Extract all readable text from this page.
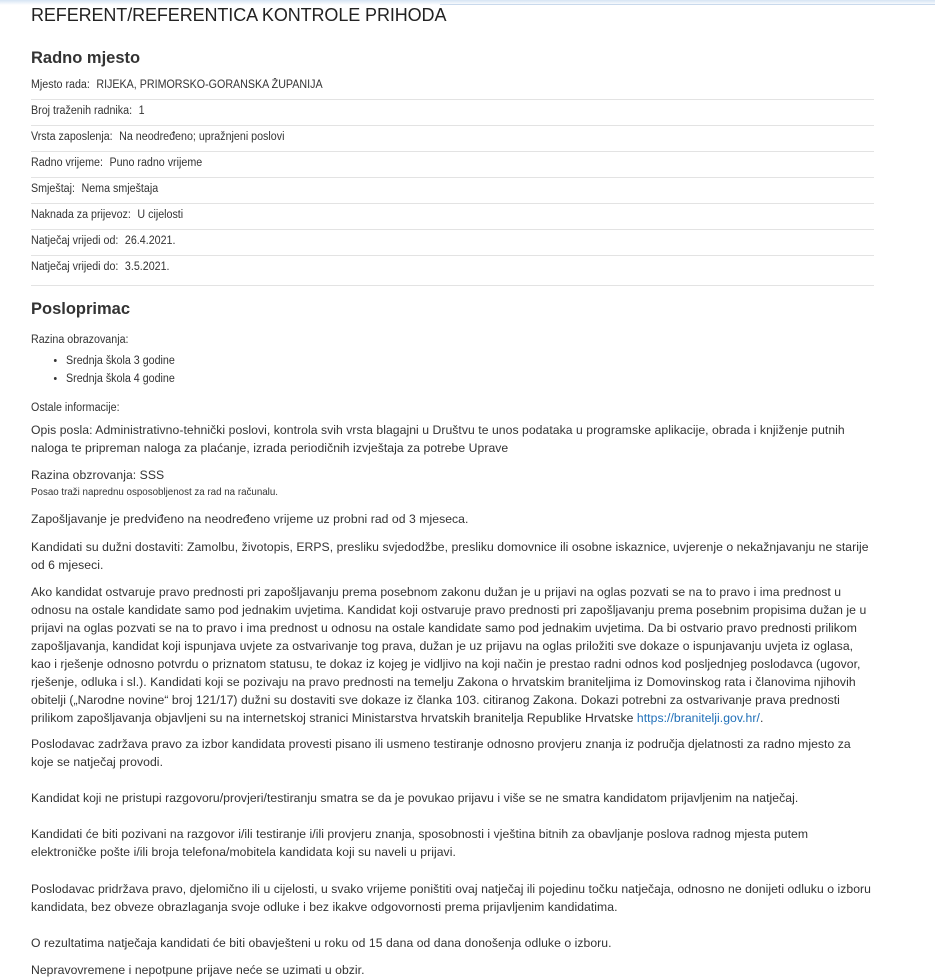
REFERENT/REFERENTICA KONTROLE PRIHODA
Radno mjesto
Mjesto rada: RIJEKA, PRIMORSKO-GORANSKA ŽUPANIJA
Broj traženih radnika: 1
Vrsta zaposlenja: Na neodređeno; upražnjeni poslovi
Radno vrijeme: Puno radno vrijeme
Smještaj: Nema smještaja
Naknada za prijevoz: U cijelosti
Natječaj vrijedi od: 26.4.2021.
Natječaj vrijedi do: 3.5.2021.
Posloprimac
Razina obrazovanja:
• Srednja škola 3 godine
• Srednja škola 4 godine
Ostale informacije:

Opis posla: Administrativno-tehnički poslovi, kontrola svih vrsta blagajni u Društvu te unos podataka u programske aplikacije, obrada i knjiženje putnih naloga te pripreman naloga za plaćanje, izrada periodičnih izvještaja za potrebe Uprave

Razina obzrovanja: SSS

Posao traži naprednu osposobljenost za rad na računalu.

Zapošljavanje je predviđeno na neodređeno vrijeme uz probni rad od 3 mjeseca.

Kandidati su dužni dostaviti: Zamolbu, životopis, ERPS, presliku svjedodžbe, presliku domovnice ili osobne iskaznice, uvjerenje o nekažnjavanju ne starije od 6 mjeseci.

Ako kandidat ostvaruje pravo prednosti pri zapošljavanju prema posebnom zakonu dužan je u prijavi na oglas pozvati se na to pravo i ima prednost u odnosu na ostale kandidate samo pod jednakim uvjetima. Kandidat koji ostvaruje pravo prednosti pri zapošljavanju prema posebnim propisima dužan je u prijavi na oglas pozvati se na to pravo i ima prednost u odnosu na ostale kandidate samo pod jednakim uvjetima. Da bi ostvario pravo prednosti prilikom zapošljavanja, kandidat koji ispunjava uvjete za ostvarivanje tog prava, dužan je uz prijavu na oglas priložiti sve dokaze o ispunjavanju uvjeta iz oglasa, kao i rješenje odnosno potvrdu o priznatom statusu, te dokaz iz kojeg je vidljivo na koji način je prestao radni odnos kod posljednjeg poslodavca (ugovor, rješenje, odluka i sl.). Kandidati koji se pozivaju na pravo prednosti na temelju Zakona o hrvatskim braniteljima iz Domovinskog rata i članovima njihovih obitelji („Narodne novine“ broj 121/17) dužni su dostaviti sve dokaze iz članka 103. citiranog Zakona. Dokazi potrebni za ostvarivanje prava prednosti prilikom zapošljavanja objavljeni su na internetskoj stranici Ministarstva hrvatskih branitelja Republike Hrvatske https://branitelji.gov.hr/.

Poslodavac zadržava pravo za izbor kandidata provesti pisano ili usmeno testiranje odnosno provjeru znanja iz područja djelatnosti za radno mjesto za koje se natječaj provodi.

Kandidat koji ne pristupi razgovoru/provjeri/testiranju smatra se da je povukao prijavu i više se ne smatra kandidatom prijavljenim na natječaj.

Kandidati će biti pozivani na razgovor i/ili testiranje i/ili provjeru znanja, sposobnosti i vještina bitnih za obavljanje poslova radnog mjesta putem elektroničke pošte i/ili broja telefona/mobitela kandidata koji su naveli u prijavi.

Poslodavac pridržava pravo, djelomično ili u cijelosti, u svako vrijeme poništiti ovaj natječaj ili pojedinu točku natječaja, odnosno ne donijeti odluku o izboru kandidata, bez obveze obrazlaganja svoje odluke i bez ikakve odgovornosti prema prijavljenim kandidatima.

O rezultatima natječaja kandidati će biti obavješteni u roku od 15 dana od dana donošenja odluke o izboru.

Nepravovremene i nepotpune prijave neće se uzimati u obzir.
